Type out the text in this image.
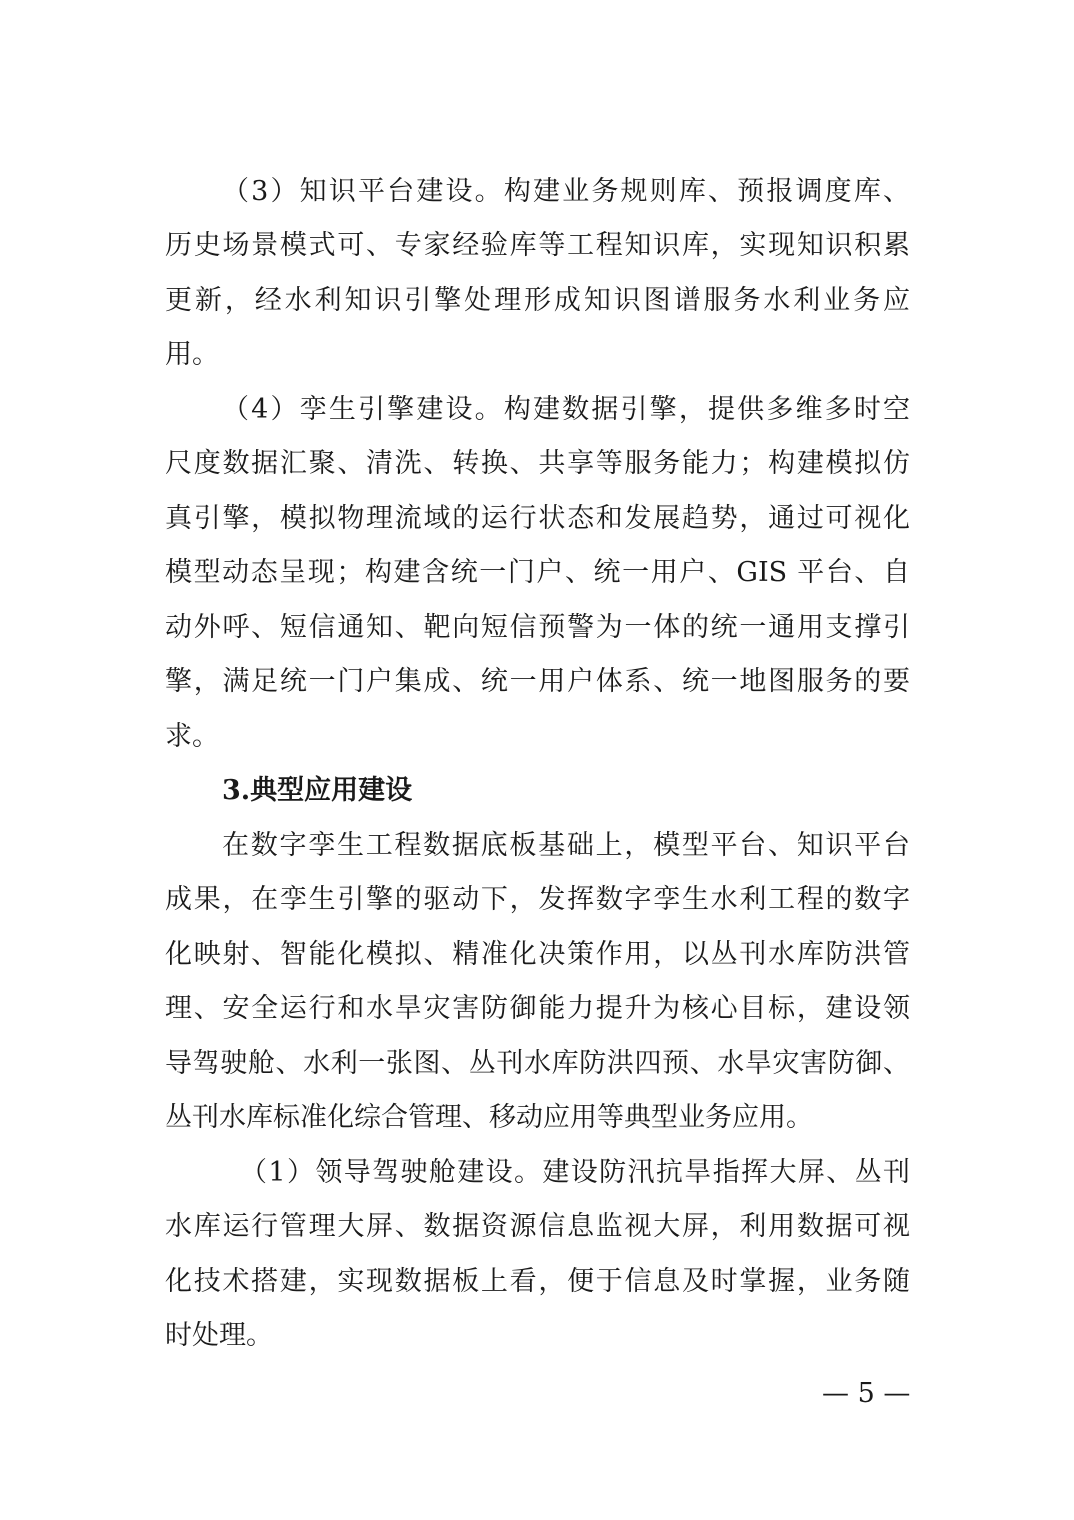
（3）知识平台建设。构建业务规则库、预报调度库、
历史场景模式可、专家经验库等工程知识库，实现知识积累
更新，经水利知识引擎处理形成知识图谱服务水利业务应
用。
（4）孪生引擎建设。构建数据引擎，提供多维多时空
尺度数据汇聚、清洗、转换、共享等服务能力；构建模拟仿
真引擎，模拟物理流域的运行状态和发展趋势，通过可视化
模型动态呈现；构建含统一门户、统一用户、GIS 平台、自
动外呼、短信通知、靶向短信预警为一体的统一通用支撑引
擎，满足统一门户集成、统一用户体系、统一地图服务的要
求。
3.典型应用建设
在数字孪生工程数据底板基础上，模型平台、知识平台
成果，在孪生引擎的驱动下，发挥数字孪生水利工程的数字
化映射、智能化模拟、精准化决策作用，以丛刊水库防洪管
理、安全运行和水旱灾害防御能力提升为核心目标，建设领
导驾驶舱、水利一张图、丛刊水库防洪四预、水旱灾害防御、
丛刊水库标准化综合管理、移动应用等典型业务应用。
（1）领导驾驶舱建设。建设防汛抗旱指挥大屏、丛刊
水库运行管理大屏、数据资源信息监视大屏，利用数据可视
化技术搭建，实现数据板上看，便于信息及时掌握，业务随
时处理。
— 5 —
